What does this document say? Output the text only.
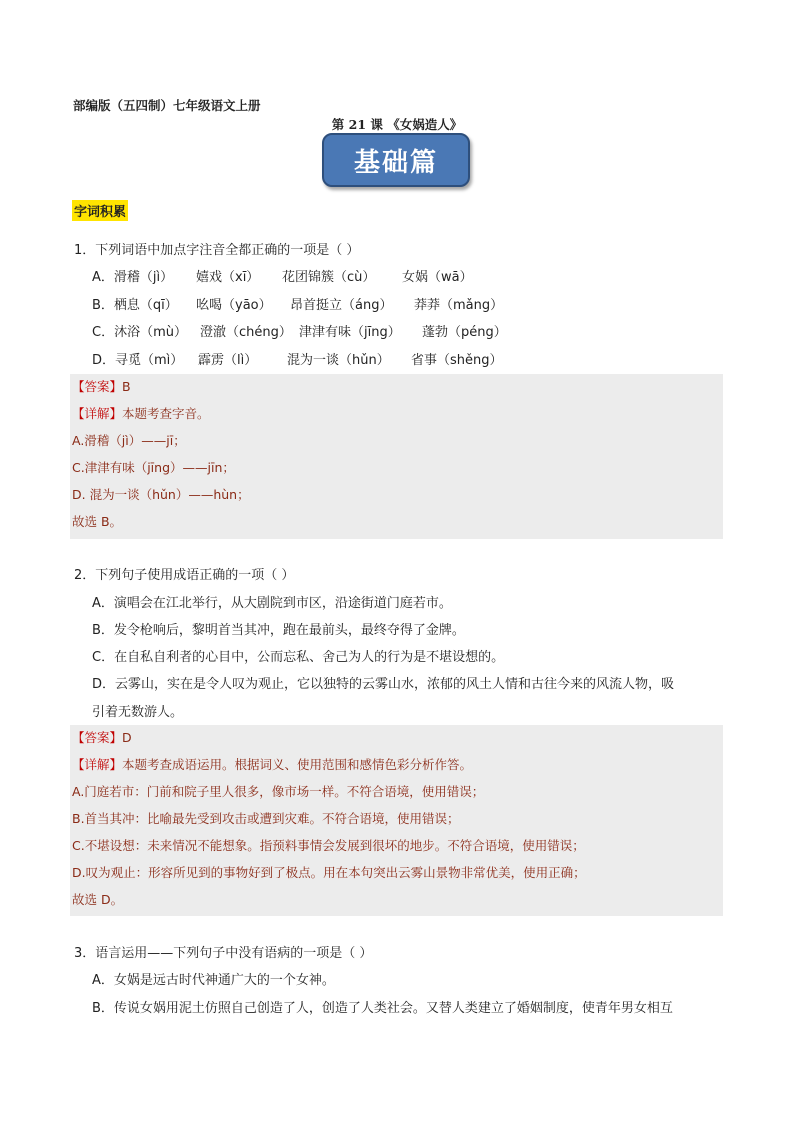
部编版（五四制）七年级语文上册
第 21 课 《女娲造人》
基础篇
字词积累
1．下列词语中加点字注音全都正确的一项是（ ）
A．滑稽（jì） 嬉戏（xī） 花团锦簇（cù） 女娲（wā）
B．栖息（qī） 吆喝（yāo） 昂首挺立（áng） 莽莽（mǎng）
C．沐浴（mù） 澄澈（chéng） 津津有味（jīng） 蓬勃（péng）
D．寻觅（mì） 霹雳（lì） 混为一谈（hǔn） 省事（shěng）
【答案】B
【详解】本题考查字音。
A.滑稽（jì）——jī；
C.津津有味（jīng）——jīn；
D. 混为一谈（hǔn）——hùn；
故选 B。
2．下列句子使用成语正确的一项（ ）
A．演唱会在江北举行，从大剧院到市区，沿途街道门庭若市。
B．发令枪响后，黎明首当其冲，跑在最前头，最终夺得了金牌。
C．在自私自利者的心目中，公而忘私、舍己为人的行为是不堪设想的。
D．云雾山，实在是令人叹为观止，它以独特的云雾山水，浓郁的风土人情和古往今来的风流人物，吸
引着无数游人。
【答案】D
【详解】本题考查成语运用。根据词义、使用范围和感情色彩分析作答。
A.门庭若市：门前和院子里人很多，像市场一样。不符合语境，使用错误；
B.首当其冲：比喻最先受到攻击或遭到灾难。不符合语境，使用错误；
C.不堪设想：未来情况不能想象。指预料事情会发展到很坏的地步。不符合语境，使用错误；
D.叹为观止：形容所见到的事物好到了极点。用在本句突出云雾山景物非常优美，使用正确；
故选 D。
3．语言运用——下列句子中没有语病的一项是（ ）
A．女娲是远古时代神通广大的一个女神。
B．传说女娲用泥土仿照自己创造了人，创造了人类社会。又替人类建立了婚姻制度，使青年男女相互
